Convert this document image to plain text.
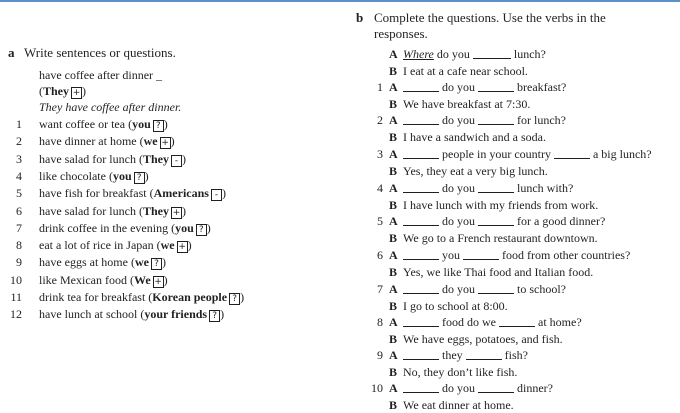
a Write sentences or questions.
have coffee after dinner _
(They + )
They have coffee after dinner.
1 want coffee or tea (you ? )
2 have dinner at home (we + )
3 have salad for lunch (They - )
4 like chocolate (you ? )
5 have fish for breakfast (Americans - )
6 have salad for lunch (They + )
7 drink coffee in the evening (you ? )
8 eat a lot of rice in Japan (we + )
9 have eggs at home (we ? )
10 like Mexican food (We + )
11 drink tea for breakfast (Korean people ? )
12 have lunch at school (your friends ? )
b Complete the questions. Use the verbs in the
responses.
A Where do you	lunch?
B I eat at a cafe near school.
1 A	do you	breakfast?
B We have breakfast at 7:30.
2 A	do you	for lunch?
B I have a sandwich and a soda.
3 A	people in your country	a big lunch?
B Yes, they eat a very big lunch.
4 A	do you	lunch with?
B I have lunch with my friends from work.
5 A	do you	for a good dinner?
B We go to a French restaurant downtown.
6 A	you	food from other countries?
B Yes, we like Thai food and Italian food.
7 A	do you	to school?
B I go to school at 8:00.
8 A	food do we	at home?
B We have eggs, potatoes, and fish.
9 A	they	fish?
B No, they don’t like fish.
10 A	do you	dinner?
B We eat dinner at home.
